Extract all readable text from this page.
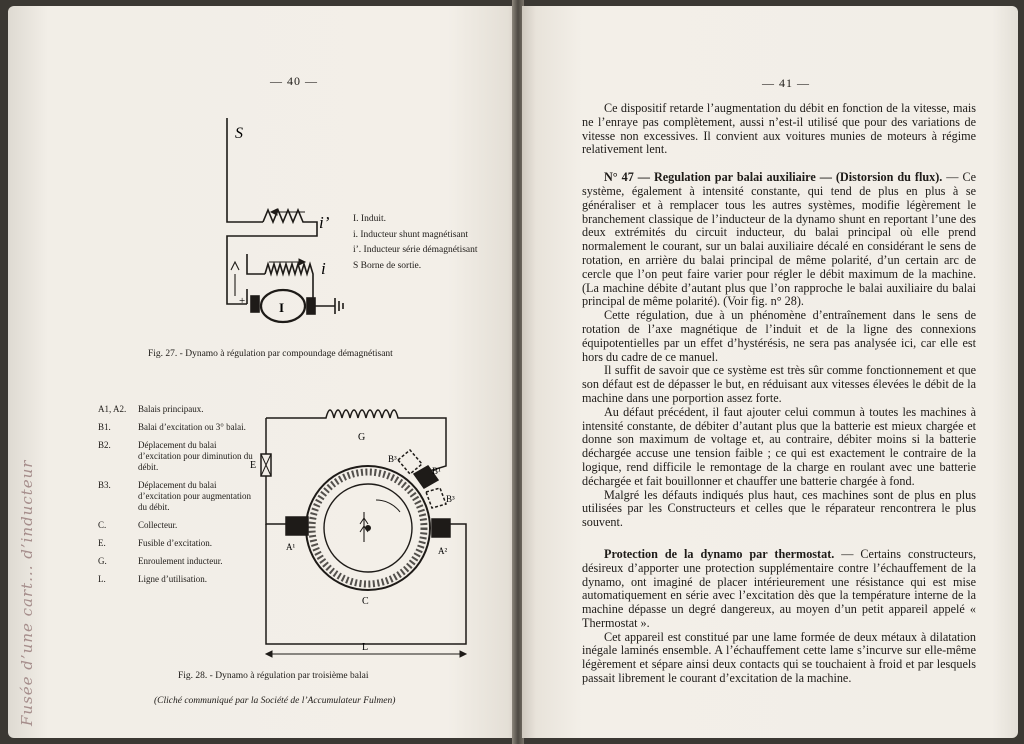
Fusée d’une cart... d’inducteur
— 40 —
S
i’
i
I
+
I. Induit.
i. Inducteur shunt magnétisant
i’. Inducteur série démagnétisant
S Borne de sortie.
Fig. 27. - Dynamo à régulation par compoundage démagnétisant
A1, A2.	Balais principaux.
B1.	Balai d’excitation ou 3° balai.
B2.	Déplacement du balai d’excitation pour diminution du débit.
B3.	Déplacement du balai d’excitation pour augmentation du débit.
C.	Collecteur.
E.	Fusible d’excitation.
G.	Enroulement inducteur.
L.	Ligne d’utilisation.
E
G
B³
B¹
B³
A¹	A²
C
L
Fig. 28. - Dynamo à régulation par troisième balai
(Cliché communiqué par la Société de l’Accumulateur Fulmen)
— 41 —

Ce dispositif retarde l’augmentation du débit en fonction de la vitesse, mais ne l’enraye pas complètement, aussi n’est-il utilisé que pour des variations de vitesse non excessives. Il convient aux voitures munies de moteurs à régime relativement lent.

N° 47 — Regulation par balai auxiliaire — (Distorsion du flux). — Ce système, également à intensité constante, qui tend de plus en plus à se généraliser et à remplacer tous les autres systèmes, modifie légèrement le branchement classique de l’inducteur de la dynamo shunt en reportant l’une des deux extrémités du circuit inducteur, du balai principal où elle prend normalement le courant, sur un balai auxiliaire décalé en considérant le sens de rotation, en arrière du balai principal de même polarité, d’un certain arc de cercle que l’on peut faire varier pour régler le débit maximum de la machine. (La machine débite d’autant plus que l’on rapproche le balai auxiliaire du balai principal de même polarité). (Voir fig. n° 28).

Cette régulation, due à un phénomène d’entraînement dans le sens de rotation de l’axe magnétique de l’induit et de la ligne des connexions équipotentielles par un effet d’hystérésis, ne sera pas analysée ici, car elle est hors du cadre de ce manuel.

Il suffit de savoir que ce système est très sûr comme fonctionnement et que son défaut est de dépasser le but, en réduisant aux vitesses élevées le débit de la machine dans une porportion assez forte.

Au défaut précédent, il faut ajouter celui commun à toutes les machines à intensité constante, de débiter d’autant plus que la batterie est mieux chargée et donne son maximum de voltage et, au contraire, débiter moins si la batterie déchargée accuse une tension faible ; ce qui est exactement le contraire de la logique, rend difficile le remontage de la charge en roulant avec une batterie déchargée et fait bouillonner et chauffer une batterie chargée à fond.

Malgré les défauts indiqués plus haut, ces machines sont de plus en plus utilisées par les Constructeurs et celles que le réparateur rencontrera le plus souvent.

Protection de la dynamo par thermostat. — Certains constructeurs, désireux d’apporter une protection supplémentaire contre l’échauffement de la dynamo, ont imaginé de placer intérieurement une résistance qui est mise automatiquement en série avec l’excitation dès que la température interne de la machine dépasse un degré dangereux, au moyen d’un petit appareil appelé « Thermostat ».

Cet appareil est constitué par une lame formée de deux métaux à dilatation inégale laminés ensemble. A l’échauffement cette lame s’incurve sur elle-même légèrement et sépare ainsi deux contacts qui se touchaient à froid et par lesquels passait librement le courant d’excitation de la machine.
